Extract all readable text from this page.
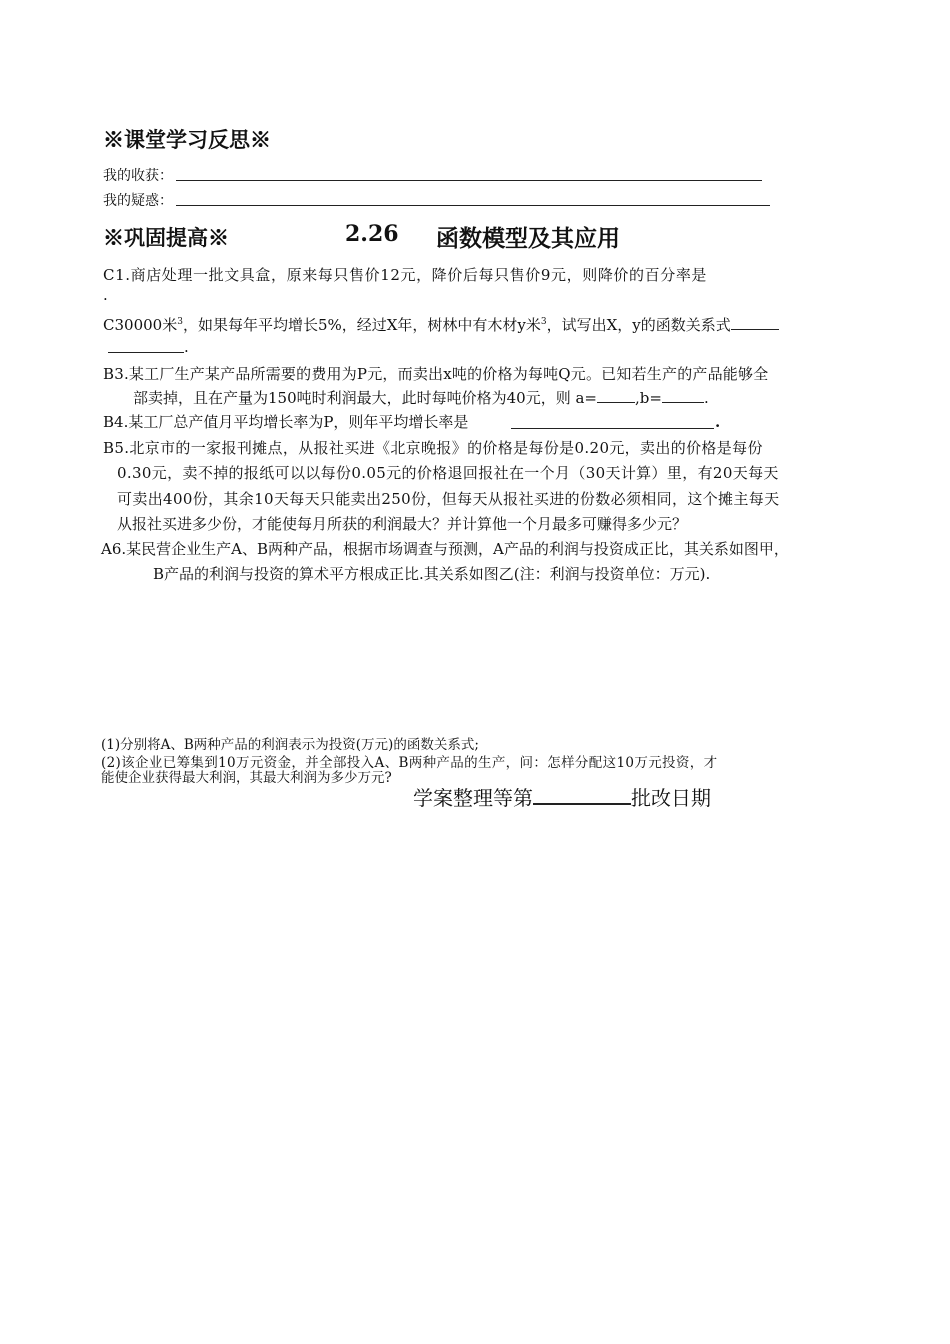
※课堂学习反思※
我的收获：
我的疑惑：
※巩固提高※	2.26 函数模型及其应用
C1.商店处理一批文具盒，原来每只售价12元，降价后每只售价9元，则降价的百分率是
.
C30000米$^3$，如果每年平均增长5%，经过X年，树林中有木材y米$^3$，试写出X，y的函数关系式
.
B3.某工厂生产某产品所需要的费用为P元，而卖出x吨的价格为每吨Q元。已知若生产的产品能够全
部卖掉，且在产量为150吨时利润最大，此时每吨价格为40元，则 a=	,b=	.
B4.某工厂总产值月平均增长率为P，则年平均增长率是	.
B5.北京市的一家报刊摊点，从报社买进《北京晚报》的价格是每份是0.20元，卖出的价格是每份
0.30元，卖不掉的报纸可以以每份0.05元的价格退回报社在一个月（30天计算）里，有20天每天
可卖出400份，其余10天每天只能卖出250份，但每天从报社买进的份数必须相同，这个摊主每天
从报社买进多少份，才能使每月所获的利润最大？并计算他一个月最多可赚得多少元？
A6.某民营企业生产A、B两种产品，根据市场调查与预测，A产品的利润与投资成正比，其关系如图甲，
B产品的利润与投资的算术平方根成正比.其关系如图乙(注：利润与投资单位：万元).
(1)分别将A、B两种产品的利润表示为投资(万元)的函数关系式;
(2)该企业已筹集到10万元资金，并全部投入A、B两种产品的生产，问：怎样分配这10万元投资，才
能使企业获得最大利润，其最大利润为多少万元?
学案整理等第	批改日期
